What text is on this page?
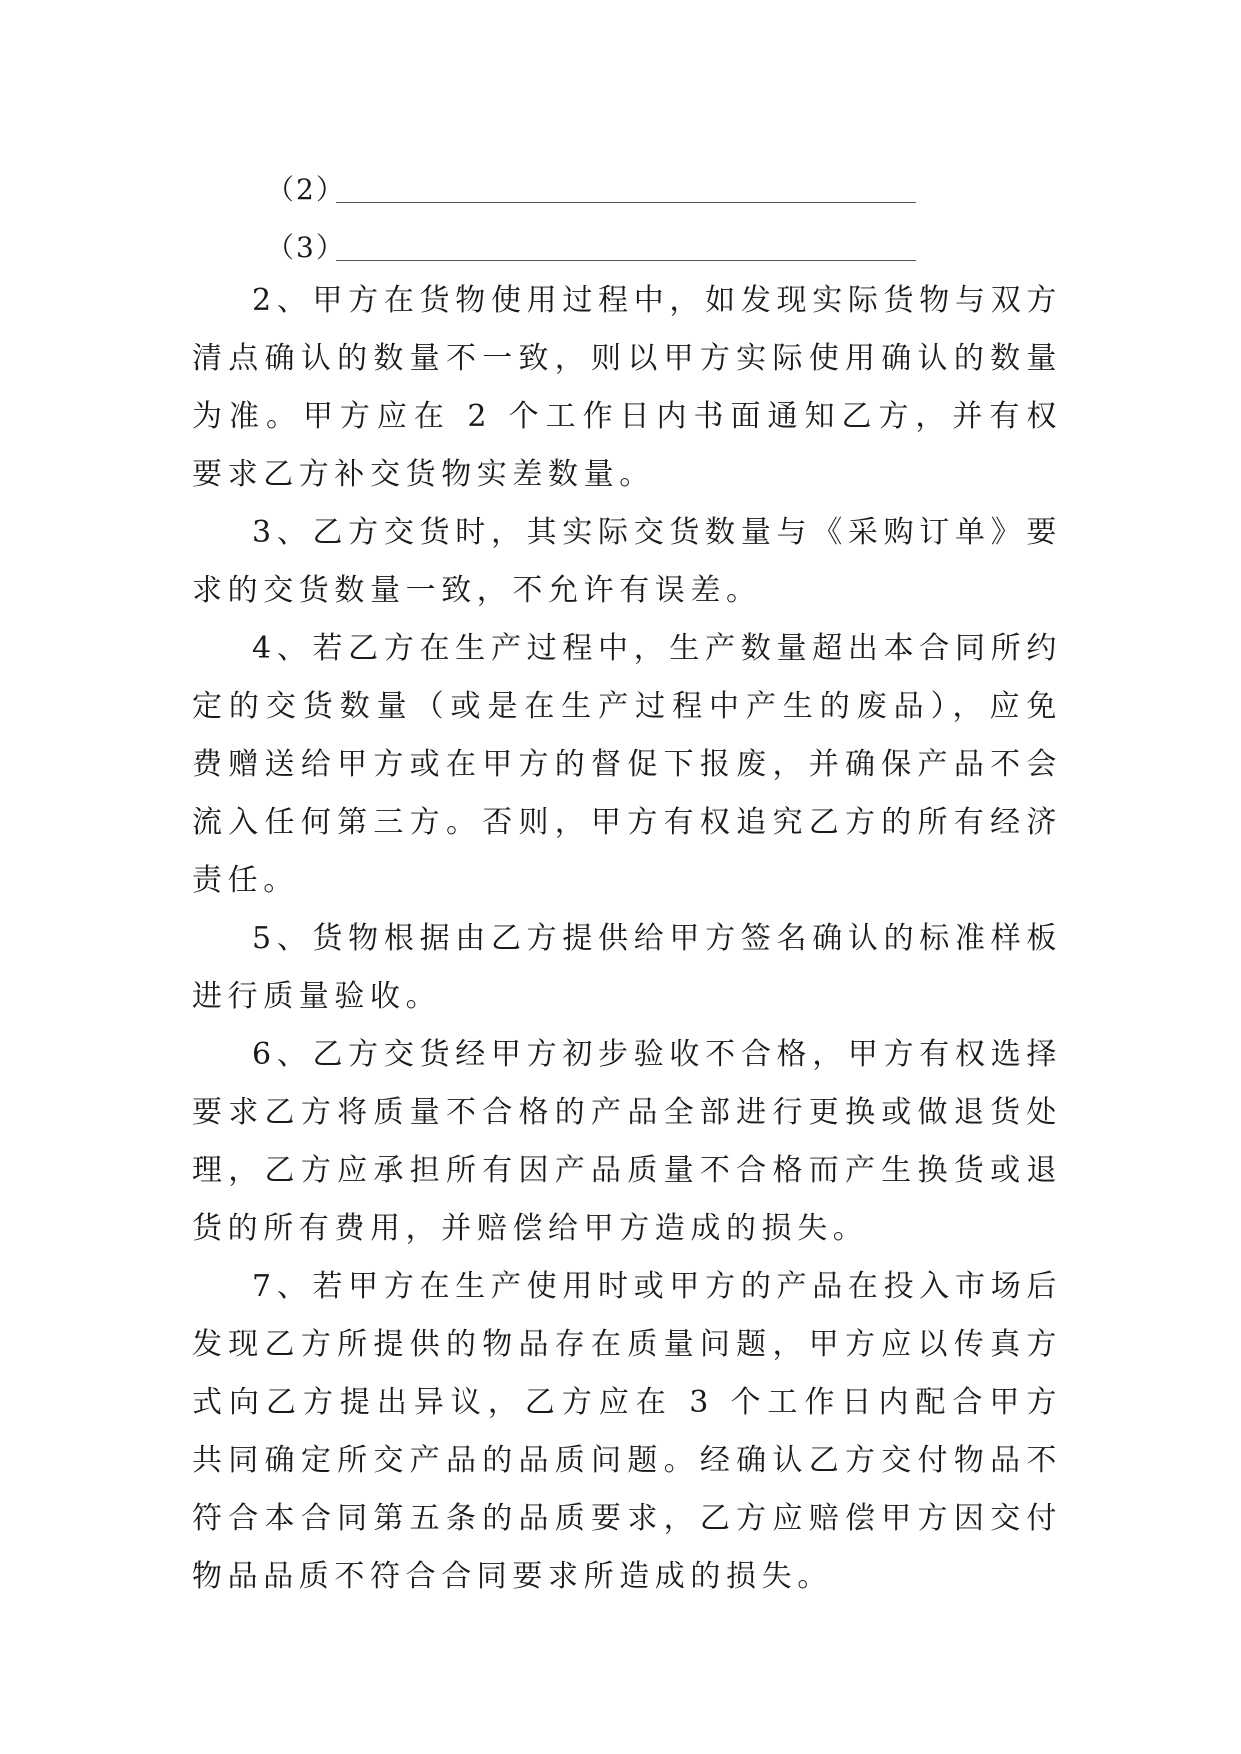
（2）
（3）

2、甲方在货物使用过程中，如发现实际货物与双方清点确认的数量不一致，则以甲方实际使用确认的数量为准。甲方应在 2 个工作日内书面通知乙方，并有权要求乙方补交货物实差数量。

3、乙方交货时，其实际交货数量与《采购订单》要求的交货数量一致，不允许有误差。

4、若乙方在生产过程中，生产数量超出本合同所约定的交货数量（或是在生产过程中产生的废品），应免费赠送给甲方或在甲方的督促下报废，并确保产品不会流入任何第三方。否则，甲方有权追究乙方的所有经济责任。

5、货物根据由乙方提供给甲方签名确认的标准样板进行质量验收。

6、乙方交货经甲方初步验收不合格，甲方有权选择要求乙方将质量不合格的产品全部进行更换或做退货处理，乙方应承担所有因产品质量不合格而产生换货或退货的所有费用，并赔偿给甲方造成的损失。

7、若甲方在生产使用时或甲方的产品在投入市场后发现乙方所提供的物品存在质量问题，甲方应以传真方式向乙方提出异议，乙方应在 3 个工作日内配合甲方共同确定所交产品的品质问题。经确认乙方交付物品不符合本合同第五条的品质要求，乙方应赔偿甲方因交付物品品质不符合合同要求所造成的损失。
